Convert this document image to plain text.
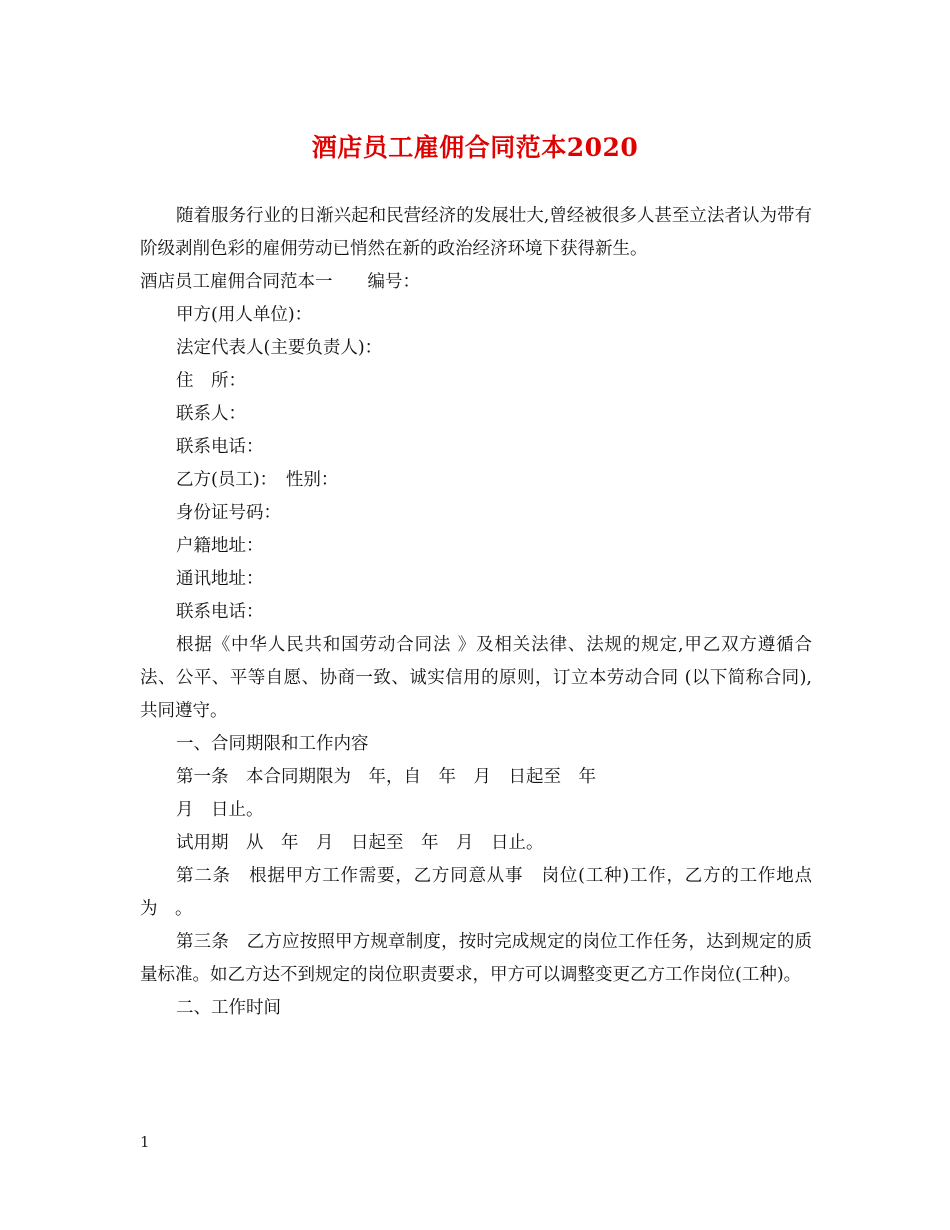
酒店员工雇佣合同范本2020

随着服务行业的日渐兴起和民营经济的发展壮大,曾经被很多人甚至立法者认为带有阶级剥削色彩的雇佣劳动已悄然在新的政治经济环境下获得新生。

酒店员工雇佣合同范本一　　编号：

甲方(用人单位)：

法定代表人(主要负责人)：

住　所：

联系人：

联系电话：

乙方(员工)：　性别：

身份证号码：

户籍地址：

通讯地址：

联系电话：

根据《中华人民共和国劳动合同法 》及相关法律、法规的规定,甲乙双方遵循合法、公平、平等自愿、协商一致、诚实信用的原则，订立本劳动合同 (以下简称合同),共同遵守。

一、合同期限和工作内容

第一条　本合同期限为　年，自　年　月　日起至　年

月　日止。

试用期　从　年　月　日起至　年　月　日止。

第二条　根据甲方工作需要，乙方同意从事　岗位(工种)工作，乙方的工作地点为　。

第三条　乙方应按照甲方规章制度，按时完成规定的岗位工作任务，达到规定的质量标准。如乙方达不到规定的岗位职责要求，甲方可以调整变更乙方工作岗位(工种)。

二、工作时间

1
